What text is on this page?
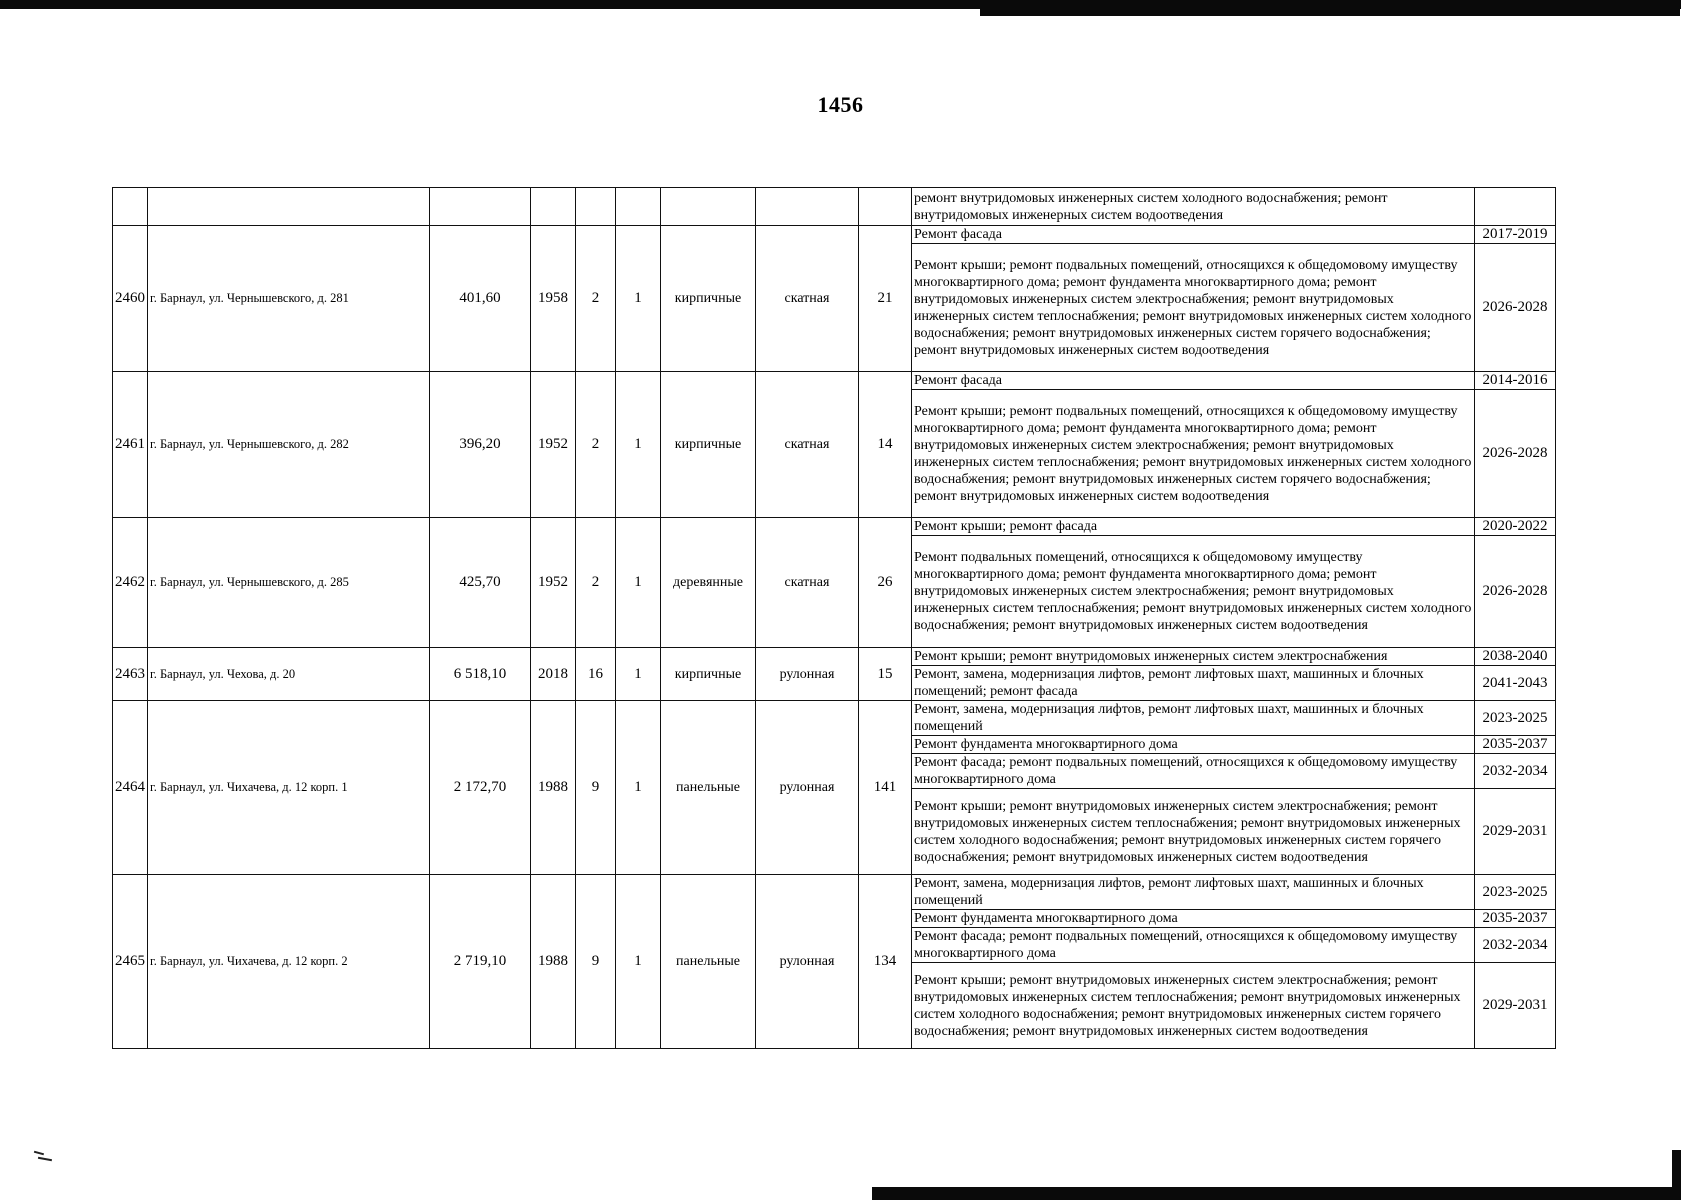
1456
									ремонт внутридомовых инженерных систем холодного водоснабжения; ремонт внутридомовых инженерных систем водоотведения	
2460	г. Барнаул, ул. Чернышевского, д. 281	401,60	1958	2	1	кирпичные	скатная	21	Ремонт фасада	2017-2019
									Ремонт крыши; ремонт подвальных помещений, относящихся к общедомовому имуществу многоквартирного дома; ремонт фундамента многоквартирного дома; ремонт внутридомовых инженерных систем электроснабжения; ремонт внутридомовых инженерных систем теплоснабжения; ремонт внутридомовых инженерных систем холодного водоснабжения; ремонт внутридомовых инженерных систем горячего водоснабжения; ремонт внутридомовых инженерных систем водоотведения	2026-2028
2461	г. Барнаул, ул. Чернышевского, д. 282	396,20	1952	2	1	кирпичные	скатная	14	Ремонт фасада	2014-2016
									Ремонт крыши; ремонт подвальных помещений, относящихся к общедомовому имуществу многоквартирного дома; ремонт фундамента многоквартирного дома; ремонт внутридомовых инженерных систем электроснабжения; ремонт внутридомовых инженерных систем теплоснабжения; ремонт внутридомовых инженерных систем холодного водоснабжения; ремонт внутридомовых инженерных систем горячего водоснабжения; ремонт внутридомовых инженерных систем водоотведения	2026-2028
2462	г. Барнаул, ул. Чернышевского, д. 285	425,70	1952	2	1	деревянные	скатная	26	Ремонт крыши; ремонт фасада	2020-2022
									Ремонт подвальных помещений, относящихся к общедомовому имуществу многоквартирного дома; ремонт фундамента многоквартирного дома; ремонт внутридомовых инженерных систем электроснабжения; ремонт внутридомовых инженерных систем теплоснабжения; ремонт внутридомовых инженерных систем холодного водоснабжения; ремонт внутридомовых инженерных систем водоотведения	2026-2028
2463	г. Барнаул, ул. Чехова, д. 20	6 518,10	2018	16	1	кирпичные	рулонная	15	Ремонт крыши; ремонт внутридомовых инженерных систем электроснабжения	2038-2040
									Ремонт, замена, модернизация лифтов, ремонт лифтовых шахт, машинных и блочных помещений; ремонт фасада	2041-2043
2464	г. Барнаул, ул. Чихачева, д. 12 корп. 1	2 172,70	1988	9	1	панельные	рулонная	141	Ремонт, замена, модернизация лифтов, ремонт лифтовых шахт, машинных и блочных помещений	2023-2025
									Ремонт фундамента многоквартирного дома	2035-2037
									Ремонт фасада; ремонт подвальных помещений, относящихся к общедомовому имуществу многоквартирного дома	2032-2034
									Ремонт крыши; ремонт внутридомовых инженерных систем электроснабжения; ремонт внутридомовых инженерных систем теплоснабжения; ремонт внутридомовых инженерных систем холодного водоснабжения; ремонт внутридомовых инженерных систем горячего водоснабжения; ремонт внутридомовых инженерных систем водоотведения	2029-2031
2465	г. Барнаул, ул. Чихачева, д. 12 корп. 2	2 719,10	1988	9	1	панельные	рулонная	134	Ремонт, замена, модернизация лифтов, ремонт лифтовых шахт, машинных и блочных помещений	2023-2025
									Ремонт фундамента многоквартирного дома	2035-2037
									Ремонт фасада; ремонт подвальных помещений, относящихся к общедомовому имуществу многоквартирного дома	2032-2034
									Ремонт крыши; ремонт внутридомовых инженерных систем электроснабжения; ремонт внутридомовых инженерных систем теплоснабжения; ремонт внутридомовых инженерных систем холодного водоснабжения; ремонт внутридомовых инженерных систем горячего водоснабжения; ремонт внутридомовых инженерных систем водоотведения	2029-2031
